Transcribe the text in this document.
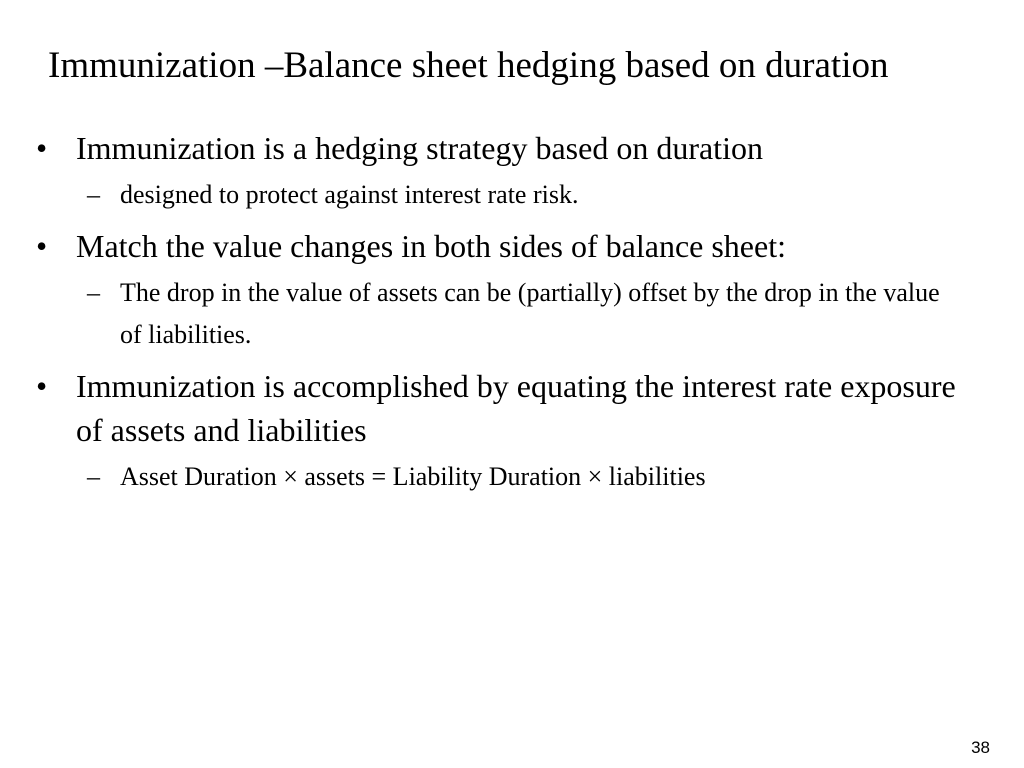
Immunization –Balance sheet hedging based on duration
• Immunization is a hedging strategy based on duration
– designed to protect against interest rate risk.
• Match the value changes in both sides of balance sheet:
– The drop in the value of assets can be (partially) offset by the drop in the value of liabilities.
• Immunization is accomplished by equating the interest rate exposure of assets and liabilities
– Asset Duration × assets = Liability Duration × liabilities
38
